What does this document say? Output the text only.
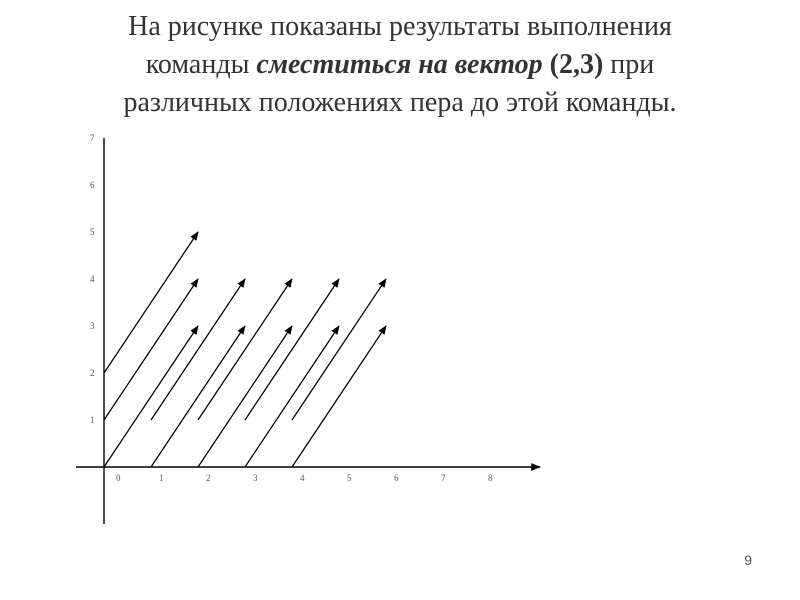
На рисунке показаны результаты выполнения
команды сместиться на вектор (2,3) при
различных положениях пера до этой команды.
0	1	2	3	4	5	6	7	8
1
2
3
4
5
6
7
9
